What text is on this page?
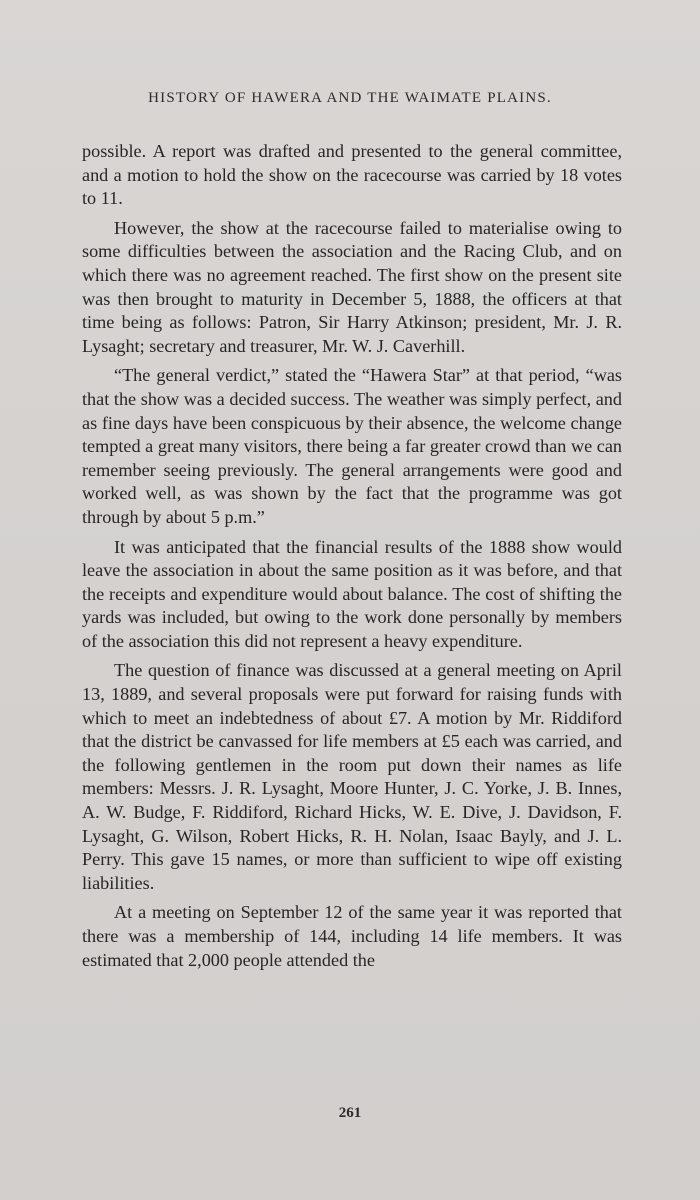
HISTORY OF HAWERA AND THE WAIMATE PLAINS.

possible. A report was drafted and presented to the general committee, and a motion to hold the show on the racecourse was carried by 18 votes to 11.

However, the show at the racecourse failed to materialise owing to some difficulties between the association and the Racing Club, and on which there was no agreement reached. The first show on the present site was then brought to maturity in December 5, 1888, the officers at that time being as follows: Patron, Sir Harry Atkinson; president, Mr. J. R. Lysaght; secretary and treasurer, Mr. W. J. Caverhill.

“The general verdict,” stated the “Hawera Star” at that period, “was that the show was a decided success. The weather was simply perfect, and as fine days have been conspicuous by their absence, the welcome change tempted a great many visitors, there being a far greater crowd than we can remember seeing previously. The general arrangements were good and worked well, as was shown by the fact that the programme was got through by about 5 p.m.”

It was anticipated that the financial results of the 1888 show would leave the association in about the same position as it was before, and that the receipts and expenditure would about balance. The cost of shifting the yards was included, but owing to the work done personally by members of the association this did not represent a heavy expenditure.

The question of finance was discussed at a general meeting on April 13, 1889, and several proposals were put forward for raising funds with which to meet an indebtedness of about £7. A motion by Mr. Riddiford that the district be canvassed for life members at £5 each was carried, and the following gentlemen in the room put down their names as life members: Messrs. J. R. Lysaght, Moore Hunter, J. C. Yorke, J. B. Innes, A. W. Budge, F. Riddiford, Richard Hicks, W. E. Dive, J. Davidson, F. Lysaght, G. Wilson, Robert Hicks, R. H. Nolan, Isaac Bayly, and J. L. Perry. This gave 15 names, or more than sufficient to wipe off existing liabilities.

At a meeting on September 12 of the same year it was reported that there was a membership of 144, including 14 life members. It was estimated that 2,000 people attended the

261
